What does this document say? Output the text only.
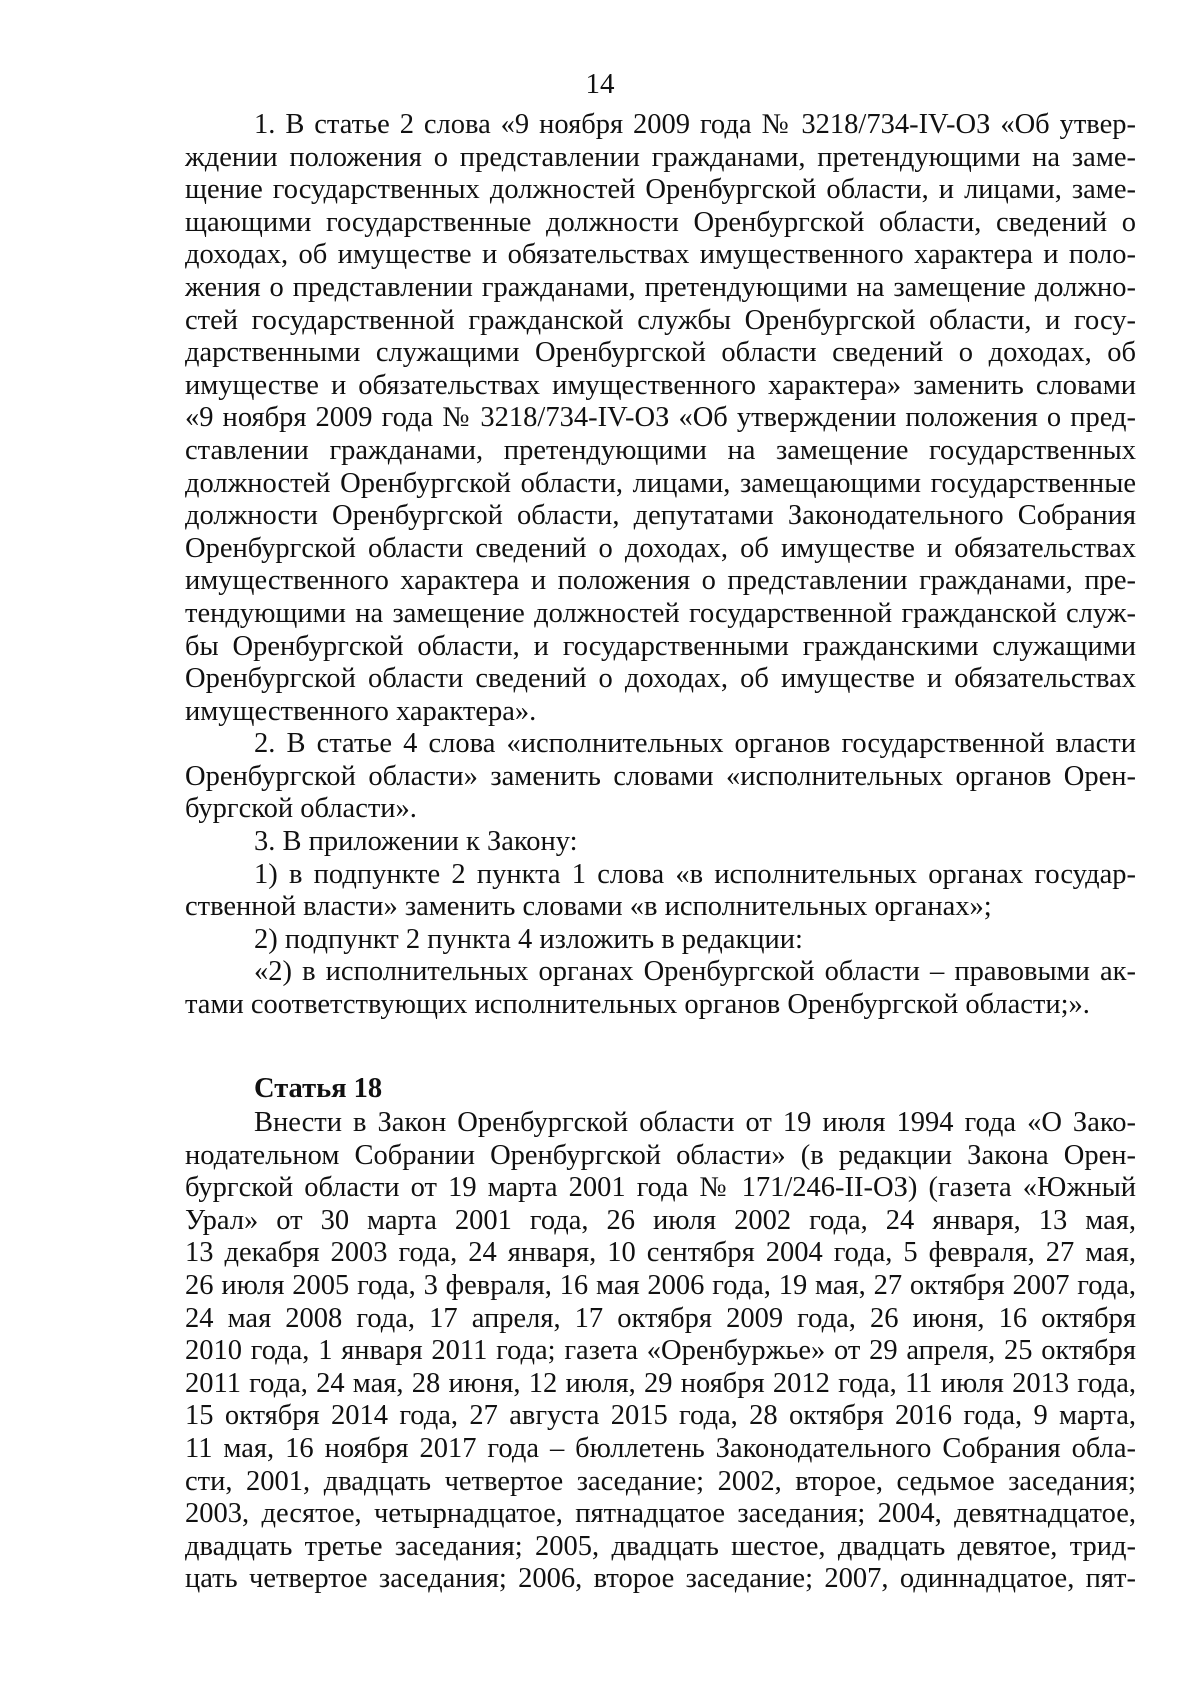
14
1. В статье 2 слова «9 ноября 2009 года № 3218/734-IV-ОЗ «Об утвер-
ждении положения о представлении гражданами, претендующими на заме-
щение государственных должностей Оренбургской области, и лицами, заме-
щающими государственные должности Оренбургской области, сведений о
доходах, об имуществе и обязательствах имущественного характера и поло-
жения о представлении гражданами, претендующими на замещение должно-
стей государственной гражданской службы Оренбургской области, и госу-
дарственными служащими Оренбургской области сведений о доходах, об
имуществе и обязательствах имущественного характера» заменить словами
«9 ноября 2009 года № 3218/734-IV-ОЗ «Об утверждении положения о пред-
ставлении гражданами, претендующими на замещение государственных
должностей Оренбургской области, лицами, замещающими государственные
должности Оренбургской области, депутатами Законодательного Собрания
Оренбургской области сведений о доходах, об имуществе и обязательствах
имущественного характера и положения о представлении гражданами, пре-
тендующими на замещение должностей государственной гражданской служ-
бы Оренбургской области, и государственными гражданскими служащими
Оренбургской области сведений о доходах, об имуществе и обязательствах
имущественного характера».
2. В статье 4 слова «исполнительных органов государственной власти
Оренбургской области» заменить словами «исполнительных органов Орен-
бургской области».
3. В приложении к Закону:
1) в подпункте 2 пункта 1 слова «в исполнительных органах государ-
ственной власти» заменить словами «в исполнительных органах»;
2) подпункт 2 пункта 4 изложить в редакции:
«2) в исполнительных органах Оренбургской области – правовыми ак-
тами соответствующих исполнительных органов Оренбургской области;».
Статья 18
Внести в Закон Оренбургской области от 19 июля 1994 года «О Зако-
нодательном Собрании Оренбургской области» (в редакции Закона Орен-
бургской области от 19 марта 2001 года № 171/246-II-ОЗ) (газета «Южный
Урал» от 30 марта 2001 года, 26 июля 2002 года, 24 января, 13 мая,
13 декабря 2003 года, 24 января, 10 сентября 2004 года, 5 февраля, 27 мая,
26 июля 2005 года, 3 февраля, 16 мая 2006 года, 19 мая, 27 октября 2007 года,
24 мая 2008 года, 17 апреля, 17 октября 2009 года, 26 июня, 16 октября
2010 года, 1 января 2011 года; газета «Оренбуржье» от 29 апреля, 25 октября
2011 года, 24 мая, 28 июня, 12 июля, 29 ноября 2012 года, 11 июля 2013 года,
15 октября 2014 года, 27 августа 2015 года, 28 октября 2016 года, 9 марта,
11 мая, 16 ноября 2017 года – бюллетень Законодательного Собрания обла-
сти, 2001, двадцать четвертое заседание; 2002, второе, седьмое заседания;
2003, десятое, четырнадцатое, пятнадцатое заседания; 2004, девятнадцатое,
двадцать третье заседания; 2005, двадцать шестое, двадцать девятое, трид-
цать четвертое заседания; 2006, второе заседание; 2007, одиннадцатое, пят-
